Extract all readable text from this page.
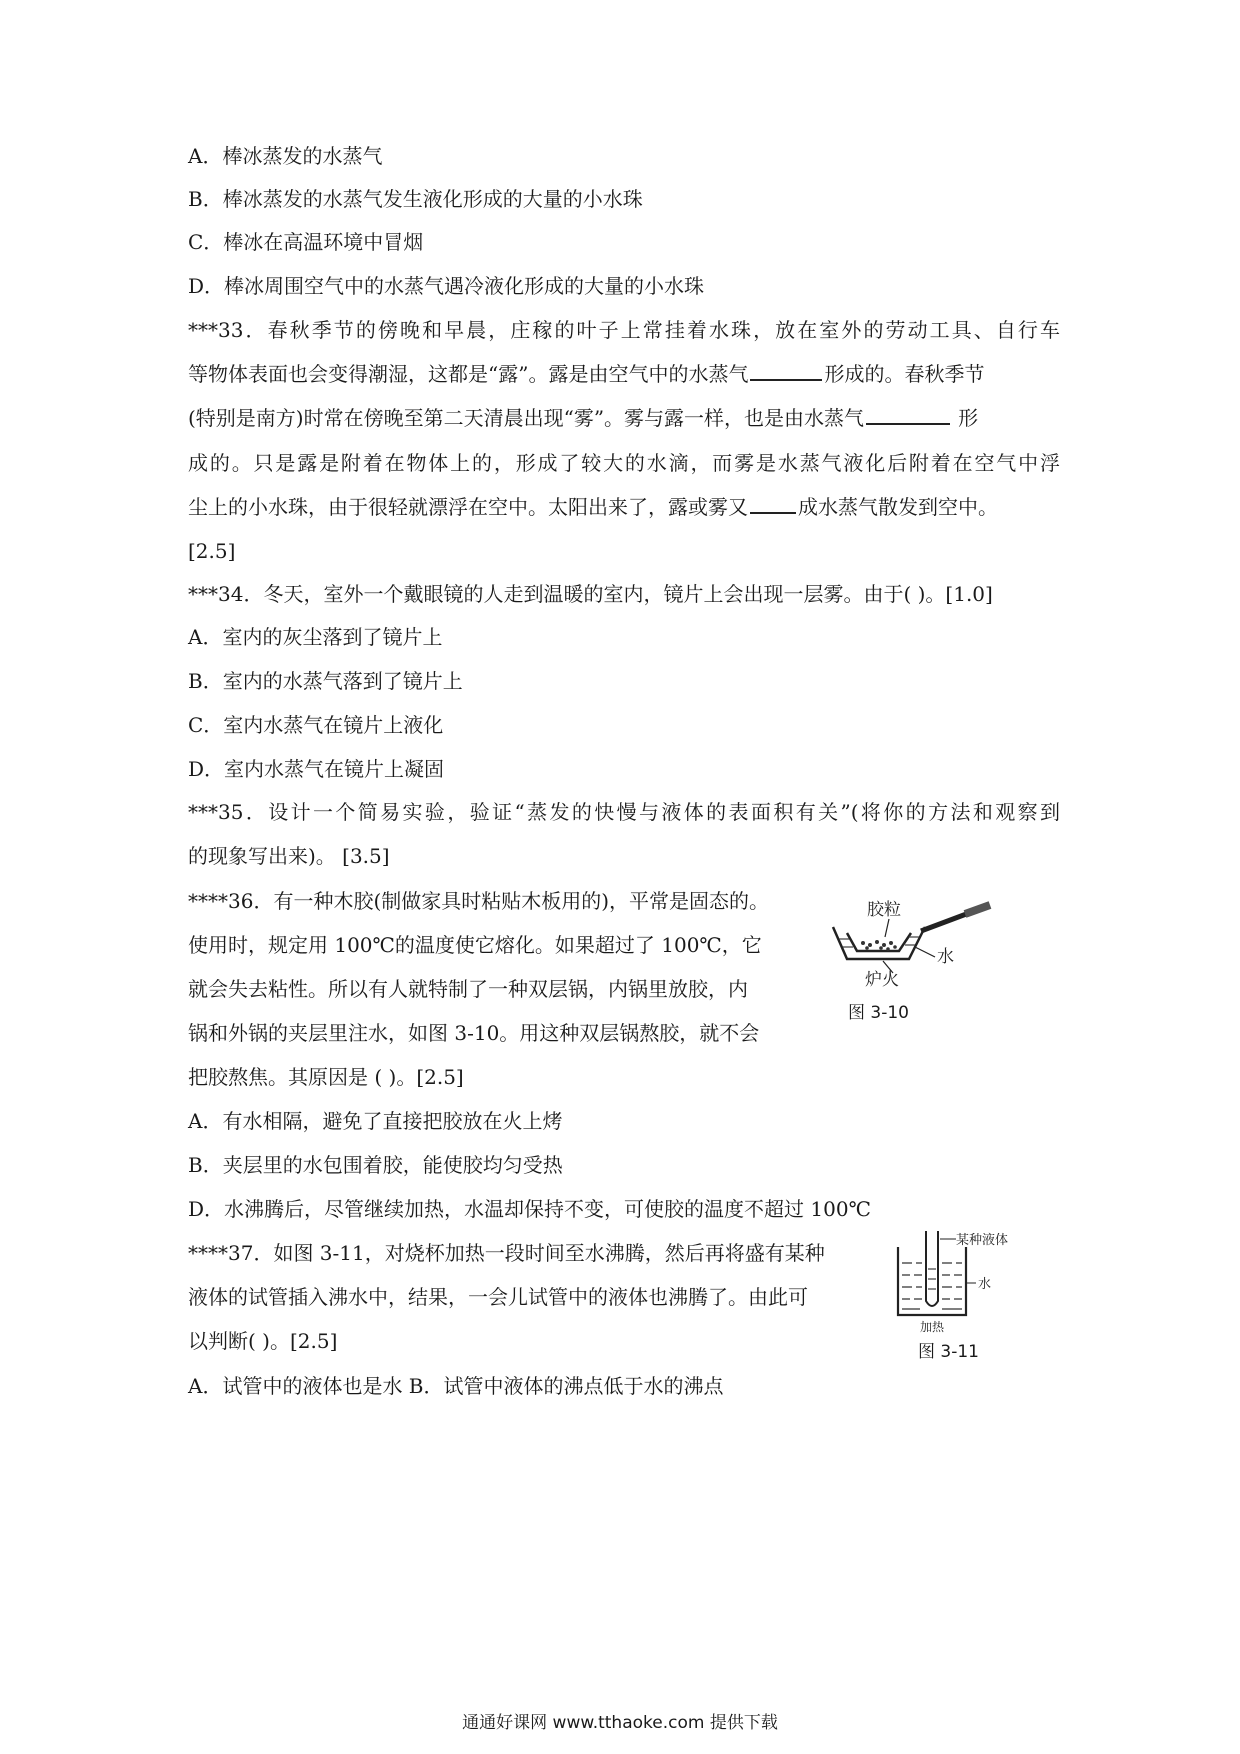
A．棒冰蒸发的水蒸气
B．棒冰蒸发的水蒸气发生液化形成的大量的小水珠
C．棒冰在高温环境中冒烟
D．棒冰周围空气中的水蒸气遇冷液化形成的大量的小水珠
***33．春秋季节的傍晚和早晨，庄稼的叶子上常挂着水珠，放在室外的劳动工具、自行车
等物体表面也会变得潮湿，这都是“露”。露是由空气中的水蒸气	形成的。春秋季节
(特别是南方)时常在傍晚至第二天清晨出现“雾”。雾与露一样，也是由水蒸气	形
成的。只是露是附着在物体上的，形成了较大的水滴，而雾是水蒸气液化后附着在空气中浮
尘上的小水珠，由于很轻就漂浮在空中。太阳出来了，露或雾又	成水蒸气散发到空中。
[2.5]
***34．冬天，室外一个戴眼镜的人走到温暖的室内，镜片上会出现一层雾。由于( )。[1.0]
A．室内的灰尘落到了镜片上
B．室内的水蒸气落到了镜片上
C．室内水蒸气在镜片上液化
D．室内水蒸气在镜片上凝固
***35．设计一个简易实验，验证“蒸发的快慢与液体的表面积有关”(将你的方法和观察到
的现象写出来)。 [3.5]
****36．有一种木胶(制做家具时粘贴木板用的)，平常是固态的。
使用时，规定用 100℃的温度使它熔化。如果超过了 100℃，它
就会失去粘性。所以有人就特制了一种双层锅，内锅里放胶，内
锅和外锅的夹层里注水，如图 3-10。用这种双层锅熬胶，就不会
把胶熬焦。其原因是 ( )。[2.5]
A．有水相隔，避免了直接把胶放在火上烤
B．夹层里的水包围着胶，能使胶均匀受热
D．水沸腾后，尽管继续加热，水温却保持不变，可使胶的温度不超过 100℃
胶粒
水
炉火
图 3-10
****37．如图 3-11，对烧杯加热一段时间至水沸腾，然后再将盛有某种
液体的试管插入沸水中，结果，一会儿试管中的液体也沸腾了。由此可
以判断( )。[2.5]
A．试管中的液体也是水 B．试管中液体的沸点低于水的沸点
某种液体
水
加热
图 3-11
通通好课网 www.tthaoke.com 提供下载
